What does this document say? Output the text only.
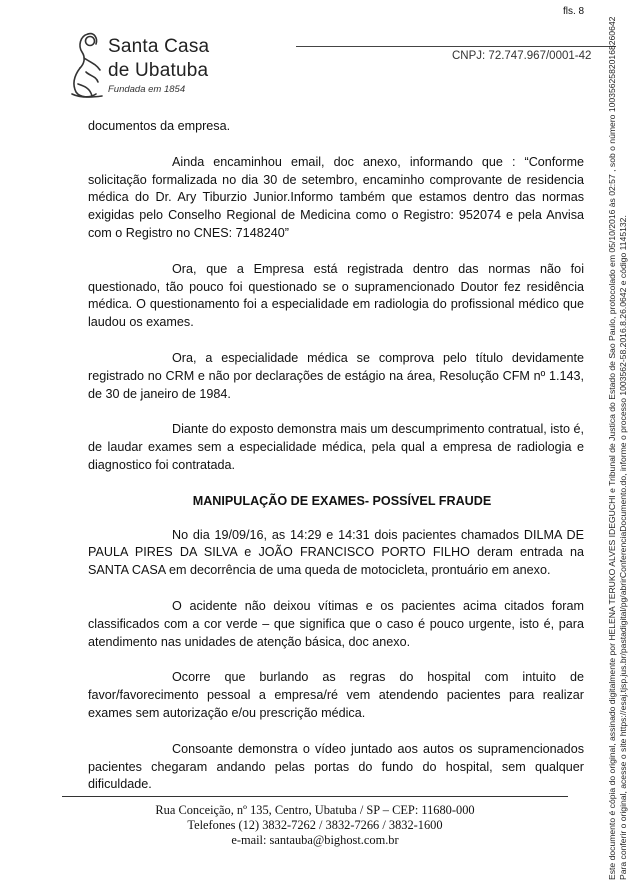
fls. 8
Santa Casa
de Ubatuba
Fundada em 1854
CNPJ: 72.747.967/0001-42

documentos da empresa.

Ainda encaminhou email, doc anexo, informando que : “Conforme solicitação formalizada no dia 30 de setembro, encaminho comprovante de residencia médica do Dr. Ary Tiburzio Junior.Informo também que estamos dentro das normas exigidas pelo Conselho Regional de Medicina como o Registro: 952074 e pela Anvisa com o Registro no CNES: 7148240”

Ora, que a Empresa está registrada dentro das normas não foi questionado, tão pouco foi questionado se o supramencionado Doutor fez residência médica. O questionamento foi a especialidade em radiologia do profissional médico que laudou os exames.

Ora, a especialidade médica se comprova pelo título devidamente registrado no CRM e não por declarações de estágio na área, Resolução CFM nº 1.143, de 30 de janeiro de 1984.

Diante do exposto demonstra mais um descumprimento contratual, isto é, de laudar exames sem a especialidade médica, pela qual a empresa de radiologia e diagnostico foi contratada.

MANIPULAÇÃO DE EXAMES- POSSÍVEL FRAUDE

No dia 19/09/16, as 14:29 e 14:31 dois pacientes chamados DILMA DE PAULA PIRES DA SILVA e JOÃO FRANCISCO PORTO FILHO deram entrada na SANTA CASA em decorrência de uma queda de motocicleta, prontuário em anexo.

O acidente não deixou vítimas e os pacientes acima citados foram classificados com a cor verde – que significa que o caso é pouco urgente, isto é, para atendimento nas unidades de atenção básica, doc anexo.

Ocorre que burlando as regras do hospital com intuito de favor/favorecimento pessoal a empresa/ré vem atendendo pacientes para realizar exames sem autorização e/ou prescrição médica.

Consoante demonstra o vídeo juntado aos autos os supramencionados pacientes chegaram andando pelas portas do fundo do hospital, sem qualquer dificuldade.

Rua Conceição, nº 135, Centro, Ubatuba / SP – CEP: 11680-000
Telefones (12) 3832-7262 / 3832-7266 / 3832-1600
e-mail: santauba@bighost.com.br	Este documento é cópia do original, assinado digitalmente por HELENA TERUKO ALVES IDEGUCHI e Tribunal de Justica do Estado de Sao Paulo, protocolado em 05/10/2016 às 02:57 , sob o número 10035625820168260642 Para conferir o original, acesse o site https://esaj.tjsp.jus.br/pastadigital/pg/abrirConferenciaDocumento.do, informe o processo 1003562-58.2016.8.26.0642 e código 1145132.
